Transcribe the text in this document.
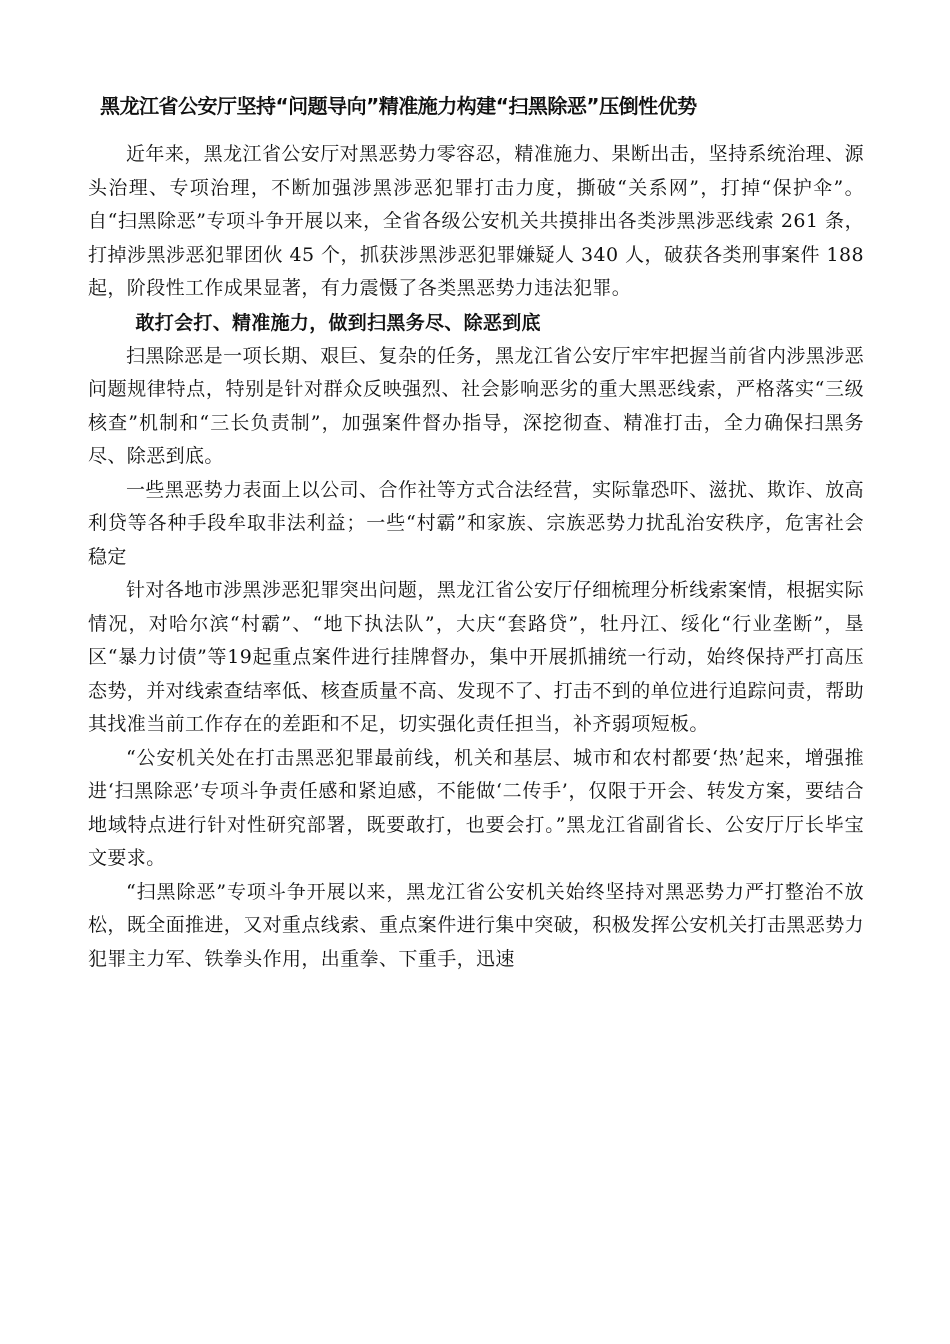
黑龙江省公安厅坚持“问题导向”精准施力构建“扫黑除恶”压倒性优势

近年来，黑龙江省公安厅对黑恶势力零容忍，精准施力、果断出击，坚持系统治理、源头治理、专项治理，不断加强涉黑涉恶犯罪打击力度，撕破“关系网”，打掉“保护伞”。自“扫黑除恶”专项斗争开展以来，全省各级公安机关共摸排出各类涉黑涉恶线索 261 条，打掉涉黑涉恶犯罪团伙 45 个，抓获涉黑涉恶犯罪嫌疑人 340 人，破获各类刑事案件 188 起，阶段性工作成果显著，有力震慑了各类黑恶势力违法犯罪。

敢打会打、精准施力，做到扫黑务尽、除恶到底

扫黑除恶是一项长期、艰巨、复杂的任务，黑龙江省公安厅牢牢把握当前省内涉黑涉恶问题规律特点，特别是针对群众反映强烈、社会影响恶劣的重大黑恶线索，严格落实“三级核查”机制和“三长负责制”，加强案件督办指导，深挖彻查、精准打击，全力确保扫黑务尽、除恶到底。

一些黑恶势力表面上以公司、合作社等方式合法经营，实际靠恐吓、滋扰、欺诈、放高利贷等各种手段牟取非法利益；一些“村霸”和家族、宗族恶势力扰乱治安秩序，危害社会稳定

针对各地市涉黑涉恶犯罪突出问题，黑龙江省公安厅仔细梳理分析线索案情，根据实际情况，对哈尔滨“村霸”、“地下执法队”，大庆“套路贷”，牡丹江、绥化“行业垄断”，垦区“暴力讨债”等19起重点案件进行挂牌督办，集中开展抓捕统一行动，始终保持严打高压态势，并对线索查结率低、核查质量不高、发现不了、打击不到的单位进行追踪问责，帮助其找准当前工作存在的差距和不足，切实强化责任担当，补齐弱项短板。

“公安机关处在打击黑恶犯罪最前线，机关和基层、城市和农村都要‘热’起来，增强推进‘扫黑除恶’专项斗争责任感和紧迫感，不能做‘二传手’，仅限于开会、转发方案，要结合地域特点进行针对性研究部署，既要敢打，也要会打。”黑龙江省副省长、公安厅厅长毕宝文要求。

“扫黑除恶”专项斗争开展以来，黑龙江省公安机关始终坚持对黑恶势力严打整治不放松，既全面推进，又对重点线索、重点案件进行集中突破，积极发挥公安机关打击黑恶势力犯罪主力军、铁拳头作用，出重拳、下重手，迅速
